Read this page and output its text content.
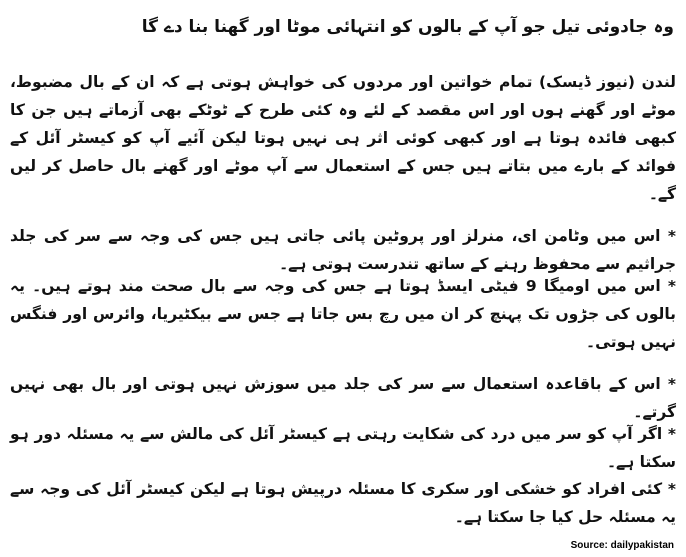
وہ جادوئی تیل جو آپ کے بالوں کو انتہائی موٹا اور گھنا بنا دے گا

لندن (نیوز ڈیسک) تمام خواتین اور مردوں کی خواہش ہوتی ہے کہ ان کے بال مضبوط، موٹے اور گھنے ہوں اور اس مقصد کے لئے وہ کئی طرح کے ٹوٹکے بھی آزماتے ہیں جن کا کبھی فائدہ ہوتا ہے اور کبھی کوئی اثر ہی نہیں ہوتا لیکن آئیے آپ کو کیسٹر آئل کے فوائد کے بارے میں بتاتے ہیں جس کے استعمال سے آپ موٹے اور گھنے بال حاصل کر لیں گے۔

* اس میں وٹامن ای، منرلز اور پروٹین پائی جاتی ہیں جس کی وجہ سے سر کی جلد جراثیم سے محفوظ رہنے کے ساتھ تندرست ہوتی ہے۔

* اس میں اومیگا 9 فیٹی ایسڈ ہوتا ہے جس کی وجہ سے بال صحت مند ہوتے ہیں۔ یہ بالوں کی جڑوں تک پہنچ کر ان میں رچ بس جاتا ہے جس سے بیکٹیریا، وائرس اور فنگس نہیں ہوتی۔

* اس کے باقاعدہ استعمال سے سر کی جلد میں سوزش نہیں ہوتی اور بال بھی نہیں گرتے۔

* اگر آپ کو سر میں درد کی شکایت رہتی ہے کیسٹر آئل کی مالش سے یہ مسئلہ دور ہو سکتا ہے۔

* کئی افراد کو خشکی اور سکری کا مسئلہ درپیش ہوتا ہے لیکن کیسٹر آئل کی وجہ سے یہ مسئلہ حل کیا جا سکتا ہے۔

Source: dailypakistan
